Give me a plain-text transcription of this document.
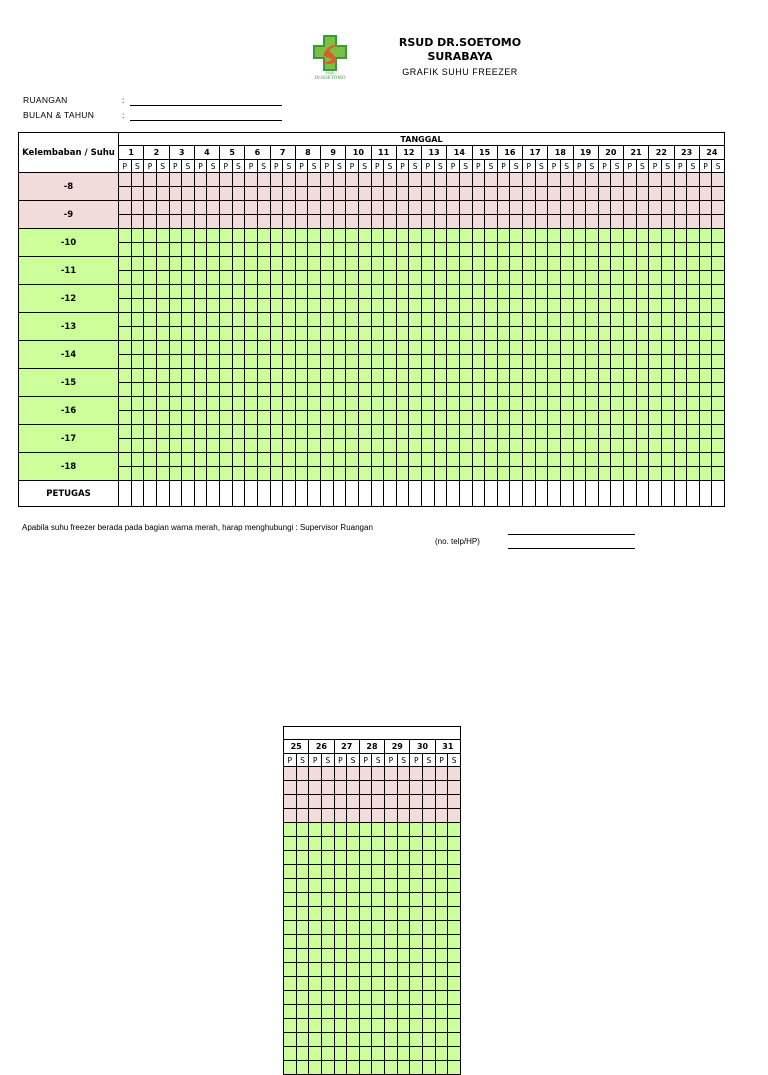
RSUD
Dr.SOETOMO
RSUD DR.SOETOMO
SURABAYA
GRAFIK SUHU FREEZER
RUANGAN	:
BULAN & TAHUN	:
Kelembaban / Suhu	TANGGAL																																															
	1		2		3		4		5		6		7		8		9		10		11		12		13		14		15		16		17		18		19		20		21		22		23		24	
	P	S	P	S	P	S	P	S	P	S	P	S	P	S	P	S	P	S	P	S	P	S	P	S	P	S	P	S	P	S	P	S	P	S	P	S	P	S	P	S	P	S	P	S	P	S	P	S
-8																																																

-9																																																

-10																																																

-11																																																

-12																																																

-13																																																

-14																																																

-15																																																

-16																																																

-17																																																

-18																																																

PETUGAS																																																
Apabila suhu freezer berada pada bagian warna merah, harap menghubungi : Supervisor Ruangan
(no. telp/HP)

25		26		27		28		29		30		31	
P	S	P	S	P	S	P	S	P	S	P	S	P	S
